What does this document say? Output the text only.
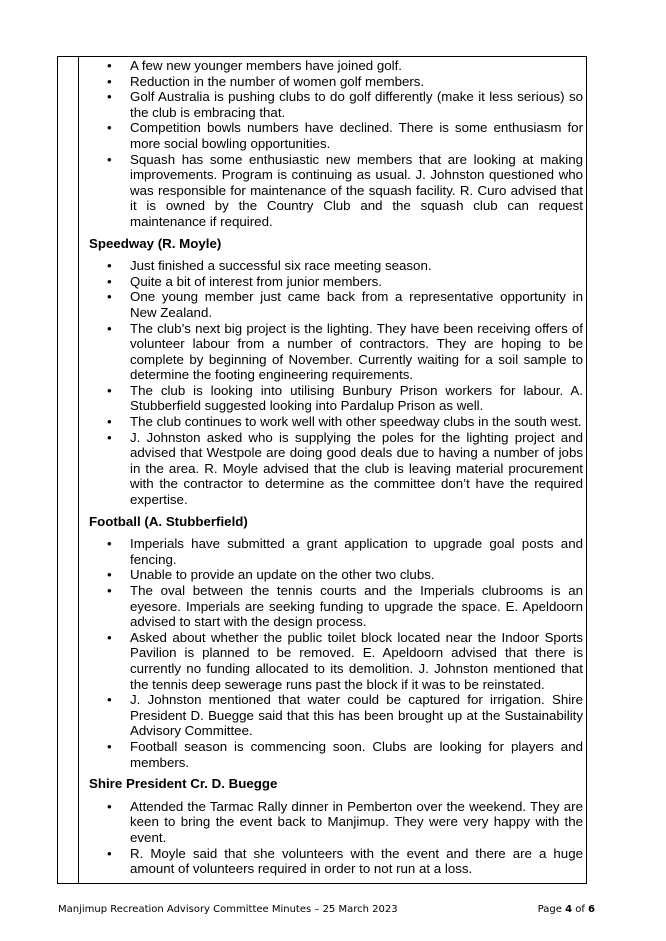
• A few new younger members have joined golf.
• Reduction in the number of women golf members.
• Golf Australia is pushing clubs to do golf differently (make it less serious) so the club is embracing that.
• Competition bowls numbers have declined. There is some enthusiasm for more social bowling opportunities.
• Squash has some enthusiastic new members that are looking at making improvements. Program is continuing as usual. J. Johnston questioned who was responsible for maintenance of the squash facility. R. Curo advised that it is owned by the Country Club and the squash club can request maintenance if required.
Speedway (R. Moyle)
• Just finished a successful six race meeting season.
• Quite a bit of interest from junior members.
• One young member just came back from a representative opportunity in New Zealand.
• The club’s next big project is the lighting. They have been receiving offers of volunteer labour from a number of contractors. They are hoping to be complete by beginning of November. Currently waiting for a soil sample to determine the footing engineering requirements.
• The club is looking into utilising Bunbury Prison workers for labour. A. Stubberfield suggested looking into Pardalup Prison as well.
• The club continues to work well with other speedway clubs in the south west.
• J. Johnston asked who is supplying the poles for the lighting project and advised that Westpole are doing good deals due to having a number of jobs in the area. R. Moyle advised that the club is leaving material procurement with the contractor to determine as the committee don’t have the required expertise.
Football (A. Stubberfield)
• Imperials have submitted a grant application to upgrade goal posts and fencing.
• Unable to provide an update on the other two clubs.
• The oval between the tennis courts and the Imperials clubrooms is an eyesore. Imperials are seeking funding to upgrade the space. E. Apeldoorn advised to start with the design process.
• Asked about whether the public toilet block located near the Indoor Sports Pavilion is planned to be removed. E. Apeldoorn advised that there is currently no funding allocated to its demolition. J. Johnston mentioned that the tennis deep sewerage runs past the block if it was to be reinstated.
• J. Johnston mentioned that water could be captured for irrigation. Shire President D. Buegge said that this has been brought up at the Sustainability Advisory Committee.
• Football season is commencing soon. Clubs are looking for players and members.
Shire President Cr. D. Buegge
• Attended the Tarmac Rally dinner in Pemberton over the weekend. They are keen to bring the event back to Manjimup. They were very happy with the event.
• R. Moyle said that she volunteers with the event and there are a huge amount of volunteers required in order to not run at a loss.
Manjimup Recreation Advisory Committee Minutes – 25 March 2023	Page 4 of 6
